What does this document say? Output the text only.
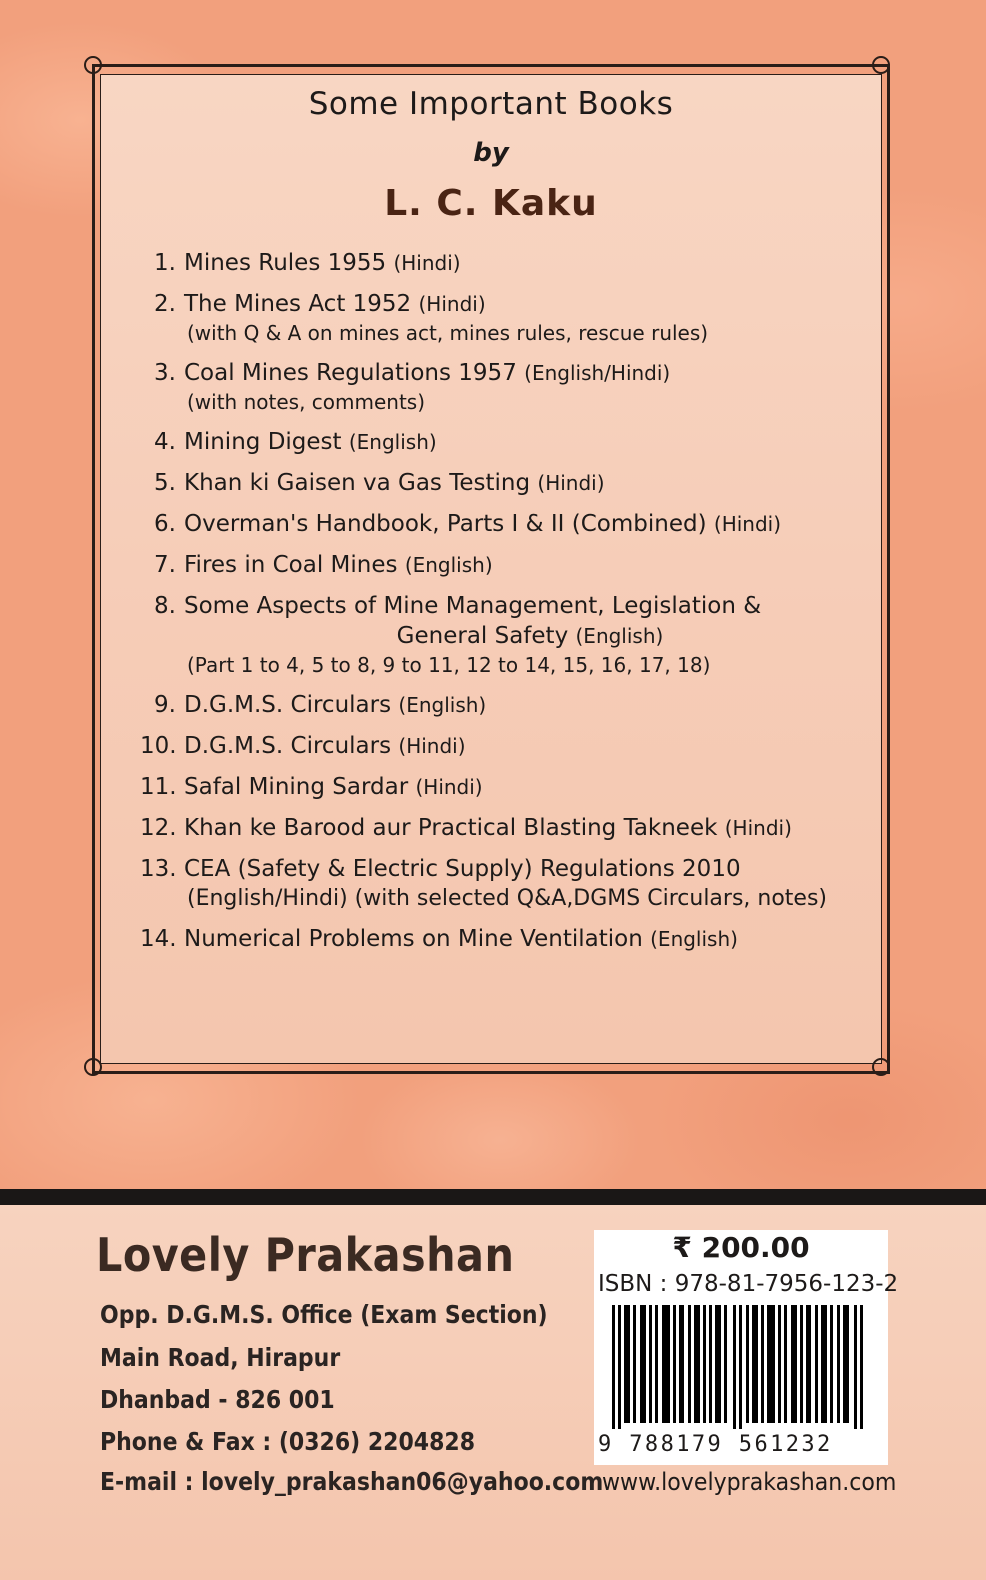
Some Important Books
by
L. C. Kaku
1. Mines Rules 1955 (Hindi)
2. The Mines Act 1952 (Hindi)
(with Q & A on mines act, mines rules, rescue rules)
3. Coal Mines Regulations 1957 (English/Hindi)
(with notes, comments)
4. Mining Digest (English)
5. Khan ki Gaisen va Gas Testing (Hindi)
6. Overman's Handbook, Parts I & II (Combined) (Hindi)
7. Fires in Coal Mines (English)
8. Some Aspects of Mine Management, Legislation &
General Safety (English)
(Part 1 to 4, 5 to 8, 9 to 11, 12 to 14, 15, 16, 17, 18)
9. D.G.M.S. Circulars (English)
10. D.G.M.S. Circulars (Hindi)
11. Safal Mining Sardar (Hindi)
12. Khan ke Barood aur Practical Blasting Takneek (Hindi)
13. CEA (Safety & Electric Supply) Regulations 2010
(English/Hindi) (with selected Q&A,DGMS Circulars, notes)
14. Numerical Problems on Mine Ventilation (English)
Lovely Prakashan
Opp. D.G.M.S. Office (Exam Section)
Main Road, Hirapur
Dhanbad - 826 001
Phone & Fax : (0326) 2204828
E-mail : lovely_prakashan06@yahoo.com
₹ 200.00
ISBN : 978-81-7956-123-2
9 788179 561232
www.lovelyprakashan.com
